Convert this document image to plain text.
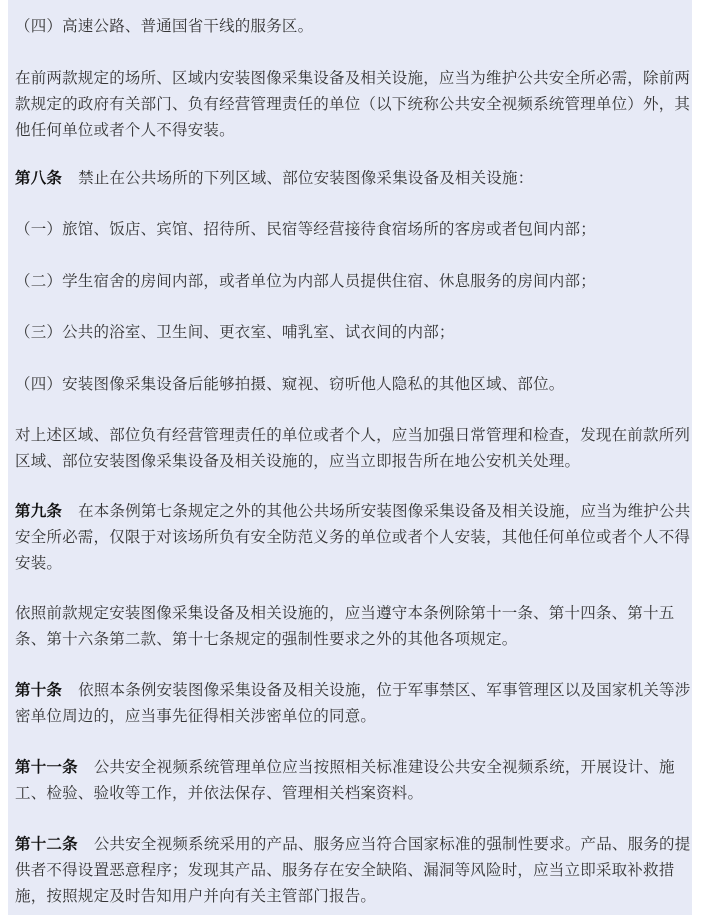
（四）高速公路、普通国省干线的服务区。

在前两款规定的场所、区域内安装图像采集设备及相关设施，应当为维护公共安全所必需，除前两款规定的政府有关部门、负有经营管理责任的单位（以下统称公共安全视频系统管理单位）外，其他任何单位或者个人不得安装。

第八条 禁止在公共场所的下列区域、部位安装图像采集设备及相关设施：

（一）旅馆、饭店、宾馆、招待所、民宿等经营接待食宿场所的客房或者包间内部；

（二）学生宿舍的房间内部，或者单位为内部人员提供住宿、休息服务的房间内部；

（三）公共的浴室、卫生间、更衣室、哺乳室、试衣间的内部；

（四）安装图像采集设备后能够拍摄、窥视、窃听他人隐私的其他区域、部位。

对上述区域、部位负有经营管理责任的单位或者个人，应当加强日常管理和检查，发现在前款所列区域、部位安装图像采集设备及相关设施的，应当立即报告所在地公安机关处理。

第九条 在本条例第七条规定之外的其他公共场所安装图像采集设备及相关设施，应当为维护公共安全所必需，仅限于对该场所负有安全防范义务的单位或者个人安装，其他任何单位或者个人不得安装。

依照前款规定安装图像采集设备及相关设施的，应当遵守本条例除第十一条、第十四条、第十五条、第十六条第二款、第十七条规定的强制性要求之外的其他各项规定。

第十条 依照本条例安装图像采集设备及相关设施，位于军事禁区、军事管理区以及国家机关等涉密单位周边的，应当事先征得相关涉密单位的同意。

第十一条 公共安全视频系统管理单位应当按照相关标准建设公共安全视频系统，开展设计、施工、检验、验收等工作，并依法保存、管理相关档案资料。

第十二条 公共安全视频系统采用的产品、服务应当符合国家标准的强制性要求。产品、服务的提供者不得设置恶意程序；发现其产品、服务存在安全缺陷、漏洞等风险时，应当立即采取补救措施，按照规定及时告知用户并向有关主管部门报告。
